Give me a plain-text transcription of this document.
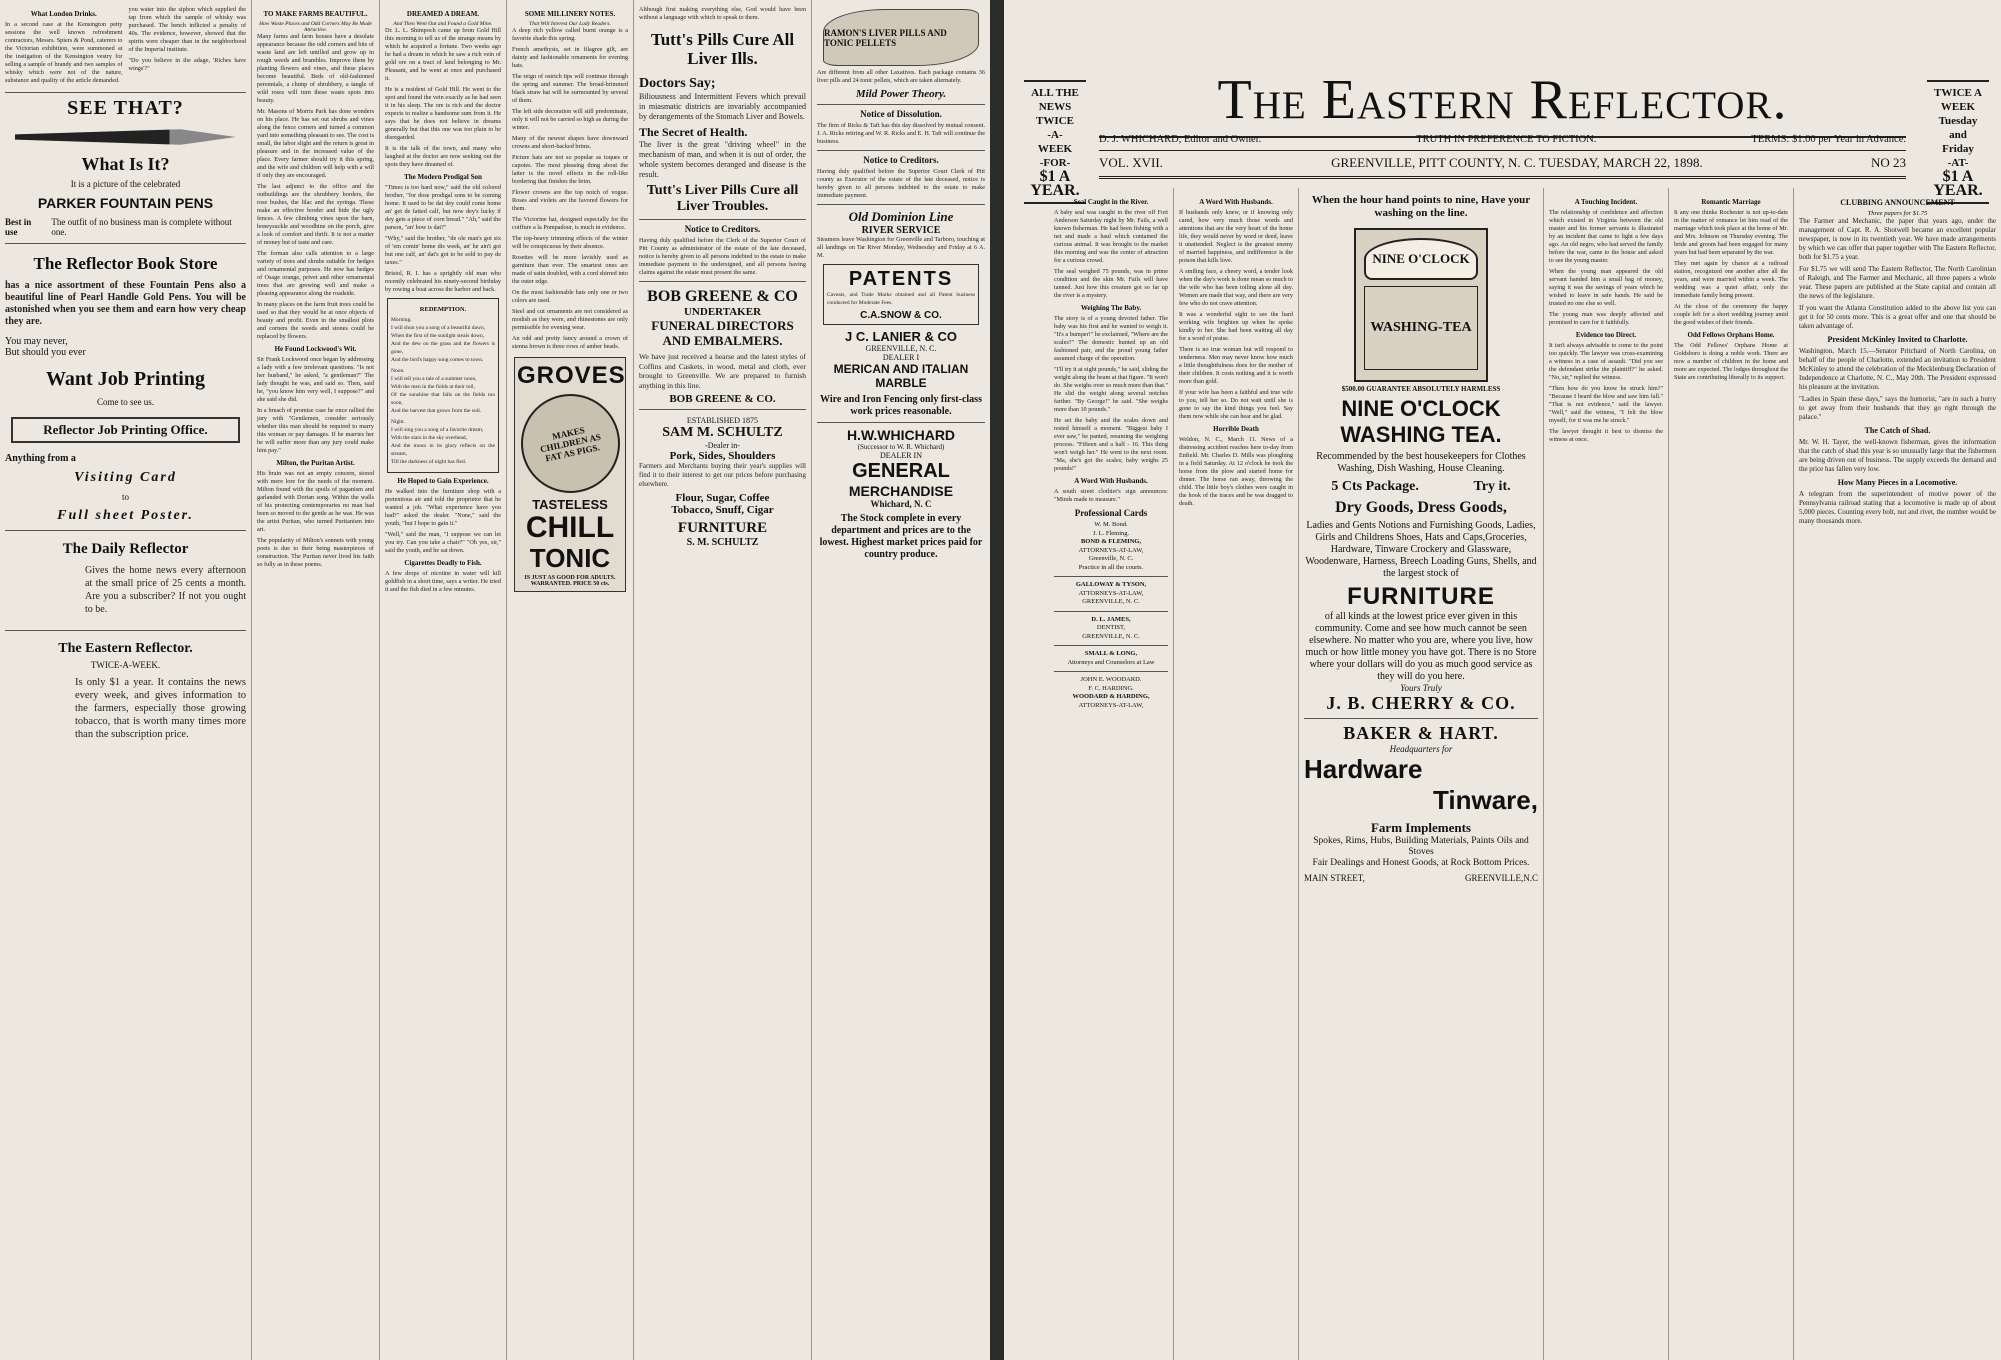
What London Drinks.

In a second case at the Kensington petty sessions the well known refreshment contractors, Messrs. Spiers & Pond, caterers to the Victorian exhibition, were summoned at the instigation of the Kensington vestry for selling a sample of brandy and two samples of whisky which were not of the nature, substance and quality of the article demanded.

you water into the siphon which supplied the tap from which the sample of whisky was purchased. The bench inflicted a penalty of 40s. The evidence, however, showed that the spirits were cheaper than in the neighborhood of the Imperial institute.

"Do you believe in the adage, 'Riches have wings'?"

SEE THAT?
What Is It?
It is a picture of the celebrated
PARKER FOUNTAIN PENS
Best in use
The outfit of no business man is complete without one.
The Reflector Book Store

has a nice assortment of these Fountain Pens also a beautiful line of Pearl Handle Gold Pens. You will be astonished when you see them and earn how very cheap they are.

You may never,
But should you ever
Want Job Printing
Come to see us.
Reflector Job Printing Office.
Anything from a
Visiting Card
to
Full sheet Poster.
The Daily Reflector

Gives the home news every afternoon at the small price of 25 cents a month. Are you a subscriber? If not you ought to be.

The Eastern Reflector.
TWICE-A-WEEK.

Is only $1 a year. It contains the news every week, and gives information to the farmers, especially those growing tobacco, that is worth many times more than the subscription price.

TO MAKE FARMS BEAUTIFUL.
How Waste Places and Odd Corners May Be Made Attractive.

Many farms and farm houses have a desolate appearance because the odd corners and bits of waste land are left untilled and grow up in rough weeds and brambles. Improve them by planting flowers and vines, and these places become beautiful. Beds of old-fashioned perennials, a clump of shrubbery, a tangle of wild roses will turn these waste spots into beauty.

Mr. Masons of Morris Park has done wonders on his place. He has set out shrubs and vines along the fence corners and turned a common yard into something pleasant to see. The cost is small, the labor slight and the return is great in pleasure and in the increased value of the place. Every farmer should try it this spring, and the wife and children will help with a will if only they are encouraged.

The last adjunct to the office and the outbuildings are the shrubbery borders, the rose bushes, the lilac and the syringa. These make an effective border and hide the ugly fences. A few climbing vines upon the barn, honeysuckle and woodbine on the porch, give a look of comfort and thrift. It is not a matter of money but of taste and care.

The forman also calls attention to a large variety of trees and shrubs suitable for hedges and ornamental purposes. He now has hedges of Osage orange, privet and other ornamental trees that are growing well and make a pleasing appearance along the roadside.

In many places on the farm fruit trees could be used so that they would be at once objects of beauty and profit. Even in the smallest plots and corners the weeds and stones could be replaced by flowers.

He Found Lockwood's Wit.

Sir Frank Lockwood once began by addressing a lady with a few irrelevant questions. "Is not her husband," he asked, "a gentleman?" The lady thought he was, and said so. Then, said he, "you know him very well, I suppose?" and she said she did.

In a breach of promise case he once rallied the jury with "Gentlemen, consider seriously whether this man should be required to marry this woman or pay damages. If he marries her he will suffer more than any jury could make him pay."

Milton, the Puritan Artist.

His brain was not an empty concern, stored with mere lore for the needs of the moment. Milton found with the spoils of paganism and garlanded with Dorian song. Within the walls of his protecting contemporaries no man had been so moved to the gentle as he was. He was the artist Puritan, who turned Puritanism into art.

The popularity of Milton's sonnets with young poets is due to their being masterpieces of construction. The Puritan never lived his faith so fully as in these poems.

DREAMED A DREAM.
And Then Went Out and Found a Gold Mine.

Dr. L. L. Shimpoch came up from Gold Hill this morning to tell us of the strange means by which he acquired a fortune. Two weeks ago he had a dream in which he saw a rich vein of gold ore on a tract of land belonging to Mr. Pleasant, and he went at once and purchased it.

He is a resident of Gold Hill. He went to the spot and found the vein exactly as he had seen it in his sleep. The ore is rich and the doctor expects to realize a handsome sum from it. He says that he does not believe in dreams generally but that this one was too plain to be disregarded.

It is the talk of the town, and many who laughed at the doctor are now seeking out the spots they have dreamed of.

The Modern Prodigal Son

"Times is too hard now," said the old colored brother, "for dose prodigal sons to be coming home. It used to be dat dey could come home an' get de fatted calf, but now dey's lucky if dey gets a piece of corn bread." "Ah," said the parson, "an' how is dat?"

"Why," said the brother, "de ole man's got six of 'em comin' home dis week, an' he ain't got but one calf, an' dat's got to be sold to pay de taxes."

Bristol, R. I. has a sprightly old man who recently celebrated his ninety-second birthday by rowing a boat across the harbor and back.

REDEMPTION.

Morning.
I will shun you a song of a beautiful dawn,
When the first of the sunlight steals down,
And the dew on the grass and the flowers is gone,
And the bird's happy song comes to town.

Noon.
I will tell you a tale of a summer noon,
With the men in the fields at their toil,
Of the sunshine that falls on the fields too soon,
And the harvest that grows from the soil.

Night.
I will sing you a song of a favorite dream,
With the stars in the sky overhead,
And the moon in its glory reflects on the stream,
Till the darkness of night has fled.

He Hoped to Gain Experience.

He walked into the furniture shop with a pretentious air and told the proprietor that he wanted a job. "What experience have you had?" asked the dealer. "None," said the youth, "but I hope to gain it."

"Well," said the man, "I suppose we can let you try. Can you take a chair?" "Oh yes, sir," said the youth, and he sat down.

Cigarettes Deadly to Fish.

A few drops of nicotine in water will kill goldfish in a short time, says a writer. He tried it and the fish died in a few minutes.

SOME MILLINERY NOTES.
That Will Interest Our Lady Readers.

A deep rich yellow called burnt orange is a favorite shade this spring.

French amethysts, set in filagree gilt, are dainty and fashionable ornaments for evening hats.

The reign of ostrich tips will continue through the spring and summer. The broad-brimmed black straw hat will be surmounted by several of them.

The left side decoration will still predominate, only it will not be carried so high as during the winter.

Many of the newest shapes have downward crowns and short-backed brims.

Picture hats are not so popular as toques or capotes. The most pleasing thing about the latter is the novel effects in the roll-like bordering that finishes the brim.

Flower crowns are the top notch of vogue. Roses and violets are the favored flowers for them.

The Victorine hat, designed especially for the coiffure a la Pompadour, is much in evidence.

The top-heavy trimming effects of the winter will be conspicuous by their absence.

Rosettes will be more lavishly used as garniture than ever. The smartest ones are made of satin doubled, with a cord shirred into the outer edge.

On the most fashionable hats only one or two colors are used.

Steel and cut ornaments are not considered as modish as they were, and rhinestones are only permissible for evening wear.

An odd and pretty fancy around a crown of sienna brown is three rows of amber beads.

GROVES
MAKES CHILDREN AS FAT AS PIGS.
TASTELESS
CHILL
TONIC
IS JUST AS GOOD FOR ADULTS. WARRANTED. PRICE 50 cts.

Although first making everything else, God would have been without a language with which to speak to them.

Tutt's Pills Cure All Liver Ills.
Doctors Say;

Biliousness and Intermittent Fevers which prevail in miasmatic districts are invariably accompanied by derangements of the Stomach Liver and Bowels.

The Secret of Health.

The liver is the great "driving wheel" in the mechanism of man, and when it is out of order, the whole system becomes deranged and disease is the result.

Tutt's Liver Pills Cure all Liver Troubles.
Notice to Creditors.

Having duly qualified before the Clerk of the Superior Court of Pitt County as administrator of the estate of the late deceased, notice is hereby given to all persons indebted to the estate to make immediate payment to the undersigned, and all persons having claims against the estate must present the same.

BOB GREENE & CO
UNDERTAKER
FUNERAL DIRECTORS AND EMBALMERS.

We have just received a hearse and the latest styles of Coffins and Caskets, in wood, metal and cloth, ever brought to Greenville. We are prepared to furnish anything in this line.

BOB GREENE & CO.
ESTABLISHED 1875
SAM M. SCHULTZ
-Dealer in-
Pork, Sides, Shoulders

Farmers and Merchants buying their year's supplies will find it to their interest to get our prices before purchasing elsewhere.

Flour, Sugar, Coffee
Tobacco, Snuff, Cigar
FURNITURE
S. M. SCHULTZ
RAMON'S LIVER PILLS AND TONIC PELLETS

Are different from all other Laxatives. Each package contains 36 liver pills and 24 tonic pellets, which are taken alternately.

Mild Power Theory.
Notice of Dissolution.

The firm of Ricks & Taft has this day dissolved by mutual consent. J. A. Ricks retiring and W. R. Ricks and E. H. Taft will continue the business.

Notice to Creditors.

Having duly qualified before the Superior Court Clerk of Pitt county as Executor of the estate of the late deceased, notice is hereby given to all persons indebted to the estate to make immediate payment.

Old Dominion Line
RIVER SERVICE

Steamers leave Washington for Greenville and Tarboro, touching at all landings on Tar River Monday, Wednesday and Friday at 6 A. M.

PATENTS

Caveats, and Trade Marks obtained and all Patent business conducted for Moderate Fees.

C.A.SNOW & CO.
J C. LANIER & CO
GREENVILLE, N. C.
DEALER I
MERICAN AND ITALIAN MARBLE
Wire and Iron Fencing only first-class work prices reasonable.
H.W.WHICHARD
(Successor to W. R. Whichard)
DEALER IN
GENERAL
MERCHANDISE
Whichard, N. C
The Stock complete in every department and prices are to the lowest. Highest market prices paid for country produce.
ALL THE NEWS
TWICE
-A-
WEEK
-FOR-
$1 A YEAR.
The Eastern Reflector.
D. J. WHICHARD, Editor and Owner.	TRUTH IN PREFERENCE TO FICTION.	TERMS: $1.00 per Year in Advance.
VOL. XVII.	GREENVILLE, PITT COUNTY, N. C. TUESDAY, MARCH 22, 1898.	NO 23
TWICE A WEEK
Tuesday
and
Friday
-AT-
$1 A YEAR.
Seal Caught in the River.

A baby seal was caught in the river off Fort Anderson Saturday night by Mr. Fails, a well known fisherman. He had been fishing with a net and made a haul which contained the curious animal. It was brought to the market this morning and was the center of attraction for a curious crowd.

The seal weighed 75 pounds, was in prime condition and the skin Mr. Fails will have tanned. Just how this creature got so far up the river is a mystery.

Weighing The Baby.

The story is of a young devoted father. The baby was his first and he wanted to weigh it. "It's a bumper!" he exclaimed, "Where are the scales?" The domestic hunted up an old fashioned pair, and the proud young father assumed charge of the operation.

"I'll try it at eight pounds," he said, sliding the weight along the beam at that figure. "It won't do. She weighs over so much more than that." He slid the weight along several notches farther. "By George!" he said. "She weighs more than 10 pounds."

He set the baby and the scales down and rested himself a moment. "Biggest baby I ever saw," he panted, resuming the weighing process. "Fifteen and a half - 16. This thing won't weigh her." He went to the next room. "Ma, she's got the scales; baby weighs 25 pounds!"

A Word With Husbands.

A south street clothier's sign announces: "Minds made to measure."

Professional Cards
W. M. Bond.
J. L. Fleming.
BOND & FLEMING,
ATTORNEYS-AT-LAW,
Greenville, N. C.
Practice in all the courts.
GALLOWAY & TYSON,
ATTORNEYS-AT-LAW,
GREENVILLE, N. C.
D. L. JAMES,
DENTIST,
GREENVILLE, N. C.
SMALL & LONG,
Attorneys and Counselors at Law
JOHN E. WOODARD.
F. C. HARDING.
WOODARD & HARDING,
ATTORNEYS-AT-LAW,
A Word With Husbands.

If husbands only knew, or if knowing only cared, how very much those words and attentions that are the very heart of the home life, they would never by word or deed, leave it unattended. Neglect is the greatest enemy of married happiness, and indifference is the poison that kills love.

A smiling face, a cheery word, a tender look when the day's work is done mean so much to the wife who has been toiling alone all day. Women are made that way, and there are very few who do not crave attention.

It was a wonderful sight to see the hard working wife brighten up when he spoke kindly to her. She had been waiting all day for a word of praise.

There is no true woman but will respond to tenderness. Men may never know how much a little thoughtfulness does for the mother of their children. It costs nothing and it is worth more than gold.

If your wife has been a faithful and true wife to you, tell her so. Do not wait until she is gone to say the kind things you feel. Say them now while she can hear and be glad.

Horrible Death

Weldon, N. C., March 11. News of a distressing accident reaches here to-day from Enfield. Mr. Charles D. Mills was ploughing in a field Saturday. At 12 o'clock he took the horse from the plow and started home for dinner. The horse ran away, throwing the child. The little boy's clothes were caught in the hook of the traces and he was dragged to death.

When the hour hand points to nine, Have your washing on the line.
NINE O'CLOCK
WASHING-TEA
$500.00 GUARANTEE ABSOLUTELY HARMLESS
NINE O'CLOCK
WASHING TEA.
Recommended by the best housekeepers for Clothes Washing, Dish Washing, House Cleaning.
5 Cts Package.	Try it.
Dry Goods, Dress Goods,
Ladies and Gents Notions and Furnishing Goods, Ladies, Girls and Childrens Shoes, Hats and Caps,Groceries, Hardware, Tinware Crockery and Glassware, Woodenware, Harness, Breech Loading Guns, Shells, and the largest stock of
FURNITURE
of all kinds at the lowest price ever given in this community. Come and see how much cannot be seen elsewhere. No matter who you are, where you live, how much or how little money you have got. There is no Store where your dollars will do you as much good service as they will do you here.
Yours Truly
J. B. CHERRY & CO.
BAKER & HART.
Headquarters for
Hardware
Tinware,
Farm Implements
Spokes, Rims, Hubs, Building Materials, Paints Oils and Stoves
Fair Dealings and Honest Goods, at Rock Bottom Prices.
MAIN STREET,	GREENVILLE,N.C
A Touching Incident.

The relationship of confidence and affection which existed in Virginia between the old master and his former servants is illustrated by an incident that came to light a few days ago. An old negro, who had served the family before the war, came to the house and asked to see the young master.

When the young man appeared the old servant handed him a small bag of money, saying it was the savings of years which he wished to leave in safe hands. He said he trusted no one else so well.

The young man was deeply affected and promised to care for it faithfully.

Evidence too Direct.

It isn't always advisable to come to the point too quickly. The lawyer was cross-examining a witness in a case of assault. "Did you see the defendant strike the plaintiff?" he asked. "No, sir," replied the witness.

"Then how do you know he struck him?" "Because I heard the blow and saw him fall." "That is not evidence," said the lawyer. "Well," said the witness, "I felt the blow myself, for it was me he struck."

The lawyer thought it best to dismiss the witness at once.

Romantic Marriage

It any one thinks Rochester is not up-to-date in the matter of romance let him read of the marriage which took place at the home of Mr. and Mrs. Johnson on Thursday evening. The bride and groom had been engaged for many years but had been separated by the war.

They met again by chance at a railroad station, recognized one another after all the years, and were married within a week. The wedding was a quiet affair, only the immediate family being present.

At the close of the ceremony the happy couple left for a short wedding journey amid the good wishes of their friends.

Odd Fellows Orphans Home.

The Odd Fellows' Orphans Home at Goldsboro is doing a noble work. There are now a number of children in the home and more are expected. The lodges throughout the State are contributing liberally to its support.

CLUBBING ANNOUNCEMENT
Three papers for $1.75

The Farmer and Mechanic, the paper that years ago, under the management of Capt. R. A. Shotwell became an excellent popular newspaper, is now in its twentieth year. We have made arrangements by which we can offer that paper together with The Eastern Reflector, both for $1.75 a year.

For $1.75 we will send The Eastern Reflector, The North Carolinian of Raleigh, and The Farmer and Mechanic, all three papers a whole year. These papers are published at the State capital and contain all the news of the legislature.

If you want the Atlanta Constitution added to the above list you can get it for 50 cents more. This is a great offer and one that should be taken advantage of.

President McKinley Invited to Charlotte.

Washington, March 15.—Senator Pritchard of North Carolina, on behalf of the people of Charlotte, extended an invitation to President McKinley to attend the celebration of the Mecklenburg Declaration of Independence at Charlotte, N. C., May 20th. The President expressed his pleasure at the invitation.

"Ladies in Spain these days," says the humorist, "are in such a hurry to get away from their husbands that they go right through the palace."

The Catch of Shad.

Mr. W. H. Tayer, the well-known fisherman, gives the information that the catch of shad this year is so unusually large that the fishermen are being driven out of business. The supply exceeds the demand and the price has fallen very low.

How Many Pieces in a Locomotive.

A telegram from the superintendent of motive power of the Pennsylvania railroad stating that a locomotive is made up of about 5,000 pieces. Counting every bolt, nut and rivet, the number would be many thousands more.
